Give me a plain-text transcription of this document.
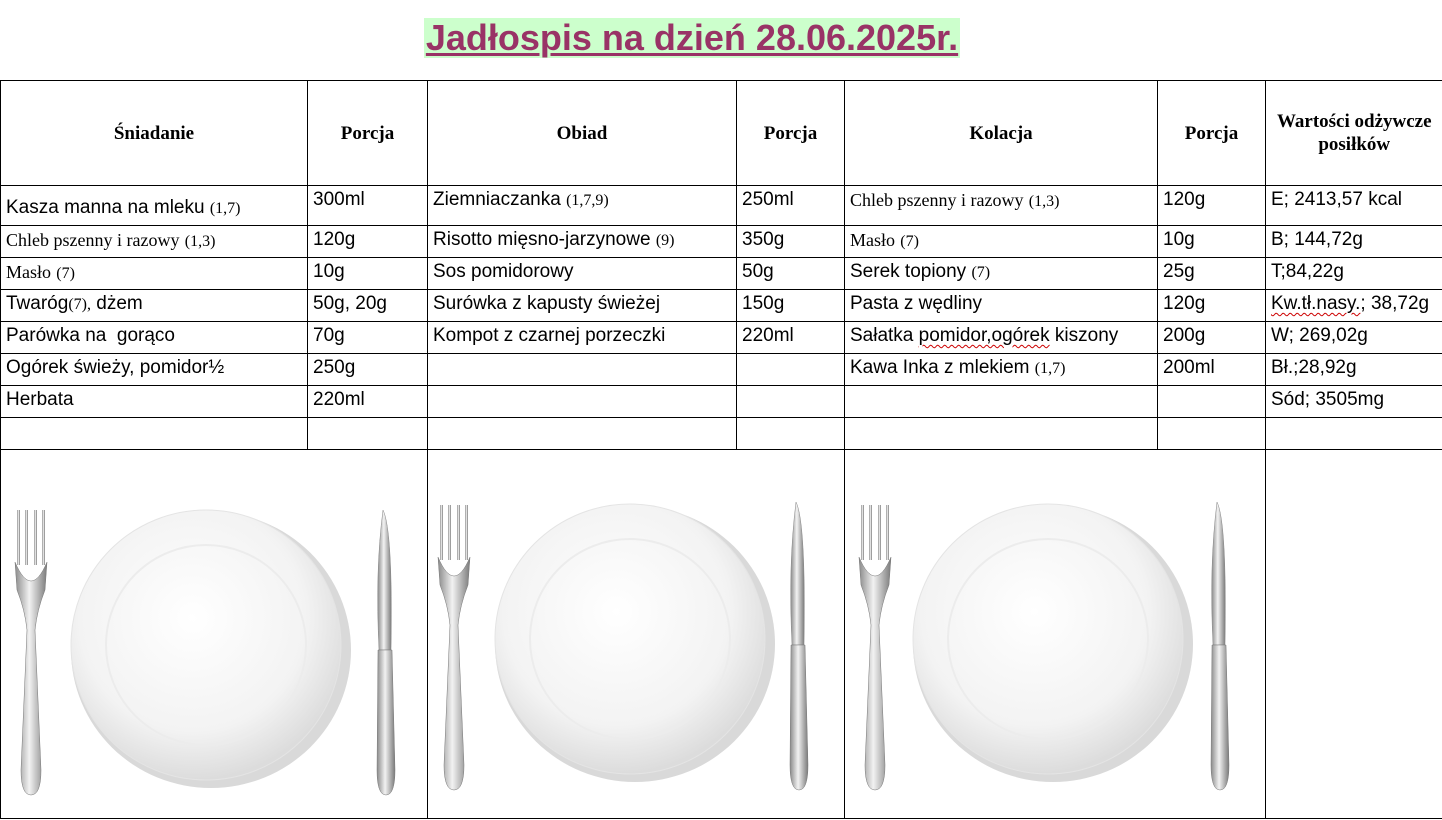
Jadłospis na dzień 28.06.2025r.
Śniadanie	Porcja	Obiad	Porcja	Kolacja	Porcja	Wartości odżywcze posiłków
Kasza manna na mleku (1,7)	300ml	Ziemniaczanka (1,7,9)	250ml	Chleb pszenny i razowy (1,3)	120g	E; 2413,57 kcal
Chleb pszenny i razowy (1,3)	120g	Risotto mięsno-jarzynowe (9)	350g	Masło (7)	10g	B; 144,72g
Masło (7)	10g	Sos pomidorowy	50g	Serek topiony (7)	25g	T;84,22g
Twaróg(7), dżem	50g, 20g	Surówka z kapusty świeżej	150g	Pasta z wędliny	120g	Kw.tł.nasy.; 38,72g
Parówka na  gorąco	70g	Kompot z czarnej porzeczki	220ml	Sałatka pomidor,ogórek kiszony	200g	W; 269,02g
Ogórek świeży, pomidor½	250g			Kawa Inka z mlekiem (1,7)	200ml	Bł.;28,92g
Herbata	220ml					Sód; 3505mg
